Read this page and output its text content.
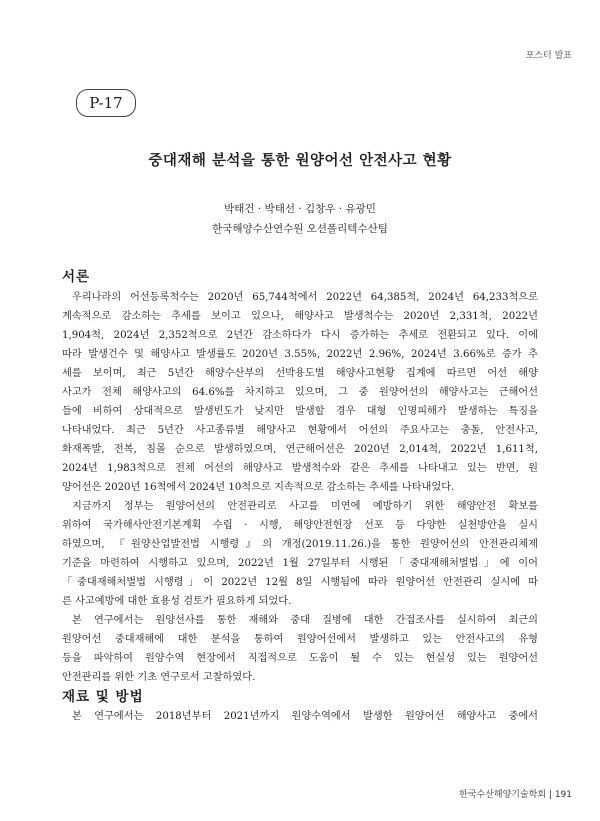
포스터 발표
P-17
중대재해 분석을 통한 원양어선 안전사고 현황
박태건 · 박태선 · 김창우 · 유광민
한국해양수산연수원 오션폴리텍수산팀
서론
우리나라의 어선등록척수는 2020년 65,744척에서 2022년 64,385척, 2024년 64,233척으로
계속적으로 감소하는 추세를 보이고 있으나, 해양사고 발생척수는 2020년 2,331척, 2022년
1,904척, 2024년 2,352척으로 2년간 감소하다가 다시 증가하는 추세로 전환되고 있다. 이에
따라 발생건수 및 해양사고 발생률도 2020년 3.55%, 2022년 2.96%, 2024년 3.66%로 증가 추
세를 보이며, 최근 5년간 해양수산부의 선박용도별 해양사고현황 집계에 따르면 어선 해양
사고가 전체 해양사고의 64.6%를 차지하고 있으며, 그 중 원양어선의 해양사고는 근해어선
들에 비하여 상대적으로 발생빈도가 낮지만 발생할 경우 대형 인명피해가 발생하는 특징을
나타내었다. 최근 5년간 사고종류별 해양사고 현황에서 어선의 주요사고는 충돌, 안전사고,
화재폭발, 전복, 침몰 순으로 발생하였으며, 연근해어선은 2020년 2,014척, 2022년 1,611척,
2024년 1,983척으로 전체 어선의 해양사고 발생척수와 같은 추세를 나타내고 있는 반면, 원
양어선은 2020년 16척에서 2024년 10척으로 지속적으로 감소하는 추세를 나타내었다.
지금까지 정부는 원양어선의 안전관리로 사고를 미연에 예방하기 위한 해양안전 확보를
위하여 국가해사안전기본계획 수립 · 시행, 해양안전헌장 선포 등 다양한 실천방안을 실시
하였으며, 『원양산업발전법 시행령』의 개정(2019.11.26.)을 통한 원양어선의 안전관리체제
기준을 마련하여 시행하고 있으며, 2022년 1월 27일부터 시행된「중대재해처벌법」에 이어
「중대재해처벌법 시행령」이 2022년 12월 8일 시행됨에 따라 원양어선 안전관리 실시에 따
른 사고예방에 대한 효용성 검토가 필요하게 되었다.
본 연구에서는 원양선사를 통한 재해와 중대 질병에 대한 간접조사를 실시하여 최근의
원양어선 중대재해에 대한 분석을 통하여 원양어선에서 발생하고 있는 안전사고의 유형
등을 파악하여 원양수역 현장에서 직접적으로 도움이 될 수 있는 현실성 있는 원양어선
안전관리를 위한 기초 연구로서 고찰하였다.
재료 및 방법
본 연구에서는 2018년부터 2021년까지 원양수역에서 발생한 원양어선 해양사고 중에서
한국수산해양기술학회 | 191
